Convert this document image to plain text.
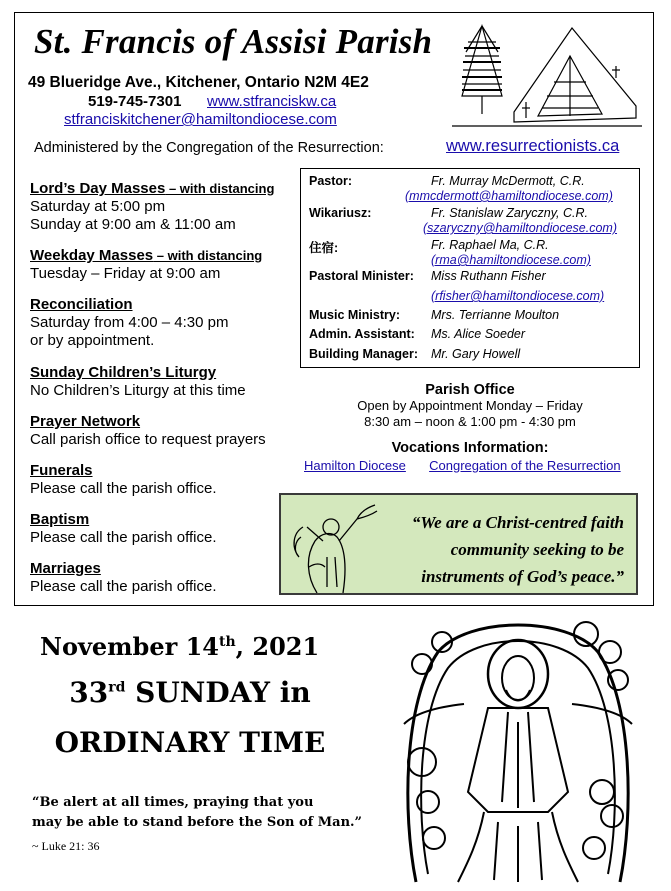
St. Francis of Assisi Parish
49 Blueridge Ave., Kitchener, Ontario N2M 4E2
519-745-7301 www.stfranciskw.ca
stfranciskitchener@hamiltondiocese.com
Administered by the Congregation of the Resurrection:	www.resurrectionists.ca
Lord’s Day Masses – with distancing
Saturday at 5:00 pm
Sunday at 9:00 am & 11:00 am
Weekday Masses – with distancing
Tuesday – Friday at 9:00 am
Reconciliation
Saturday from 4:00 – 4:30 pm
or by appointment.
Sunday Children’s Liturgy
No Children’s Liturgy at this time
Prayer Network
Call parish office to request prayers
Funerals
Please call the parish office.
Baptism
Please call the parish office.
Marriages
Please call the parish office.
Pastor:	Fr. Murray McDermott, C.R.
(mmcdermott@hamiltondiocese.com)
Wikariusz:	Fr. Stanislaw Zaryczny, C.R.
(szaryczny@hamiltondiocese.com)
住宿:	Fr. Raphael Ma, C.R.
(rma@hamiltondiocese.com)
Pastoral Minister: Miss Ruthann Fisher
(rfisher@hamiltondiocese.com)
Music Ministry: Mrs. Terrianne Moulton
Admin. Assistant: Ms. Alice Soeder
Building Manager: Mr. Gary Howell
Parish Office
Open by Appointment Monday – Friday
8:30 am – noon & 1:00 pm - 4:30 pm
Vocations Information:
Hamilton Diocese Congregation of the Resurrection
“We are a Christ-centred faith
community seeking to be
instruments of God’s peace.”
November 14th, 2021
33rd SUNDAY in
ORDINARY TIME
“Be alert at all times, praying that you
may be able to stand before the Son of Man.”
~ Luke 21: 36
